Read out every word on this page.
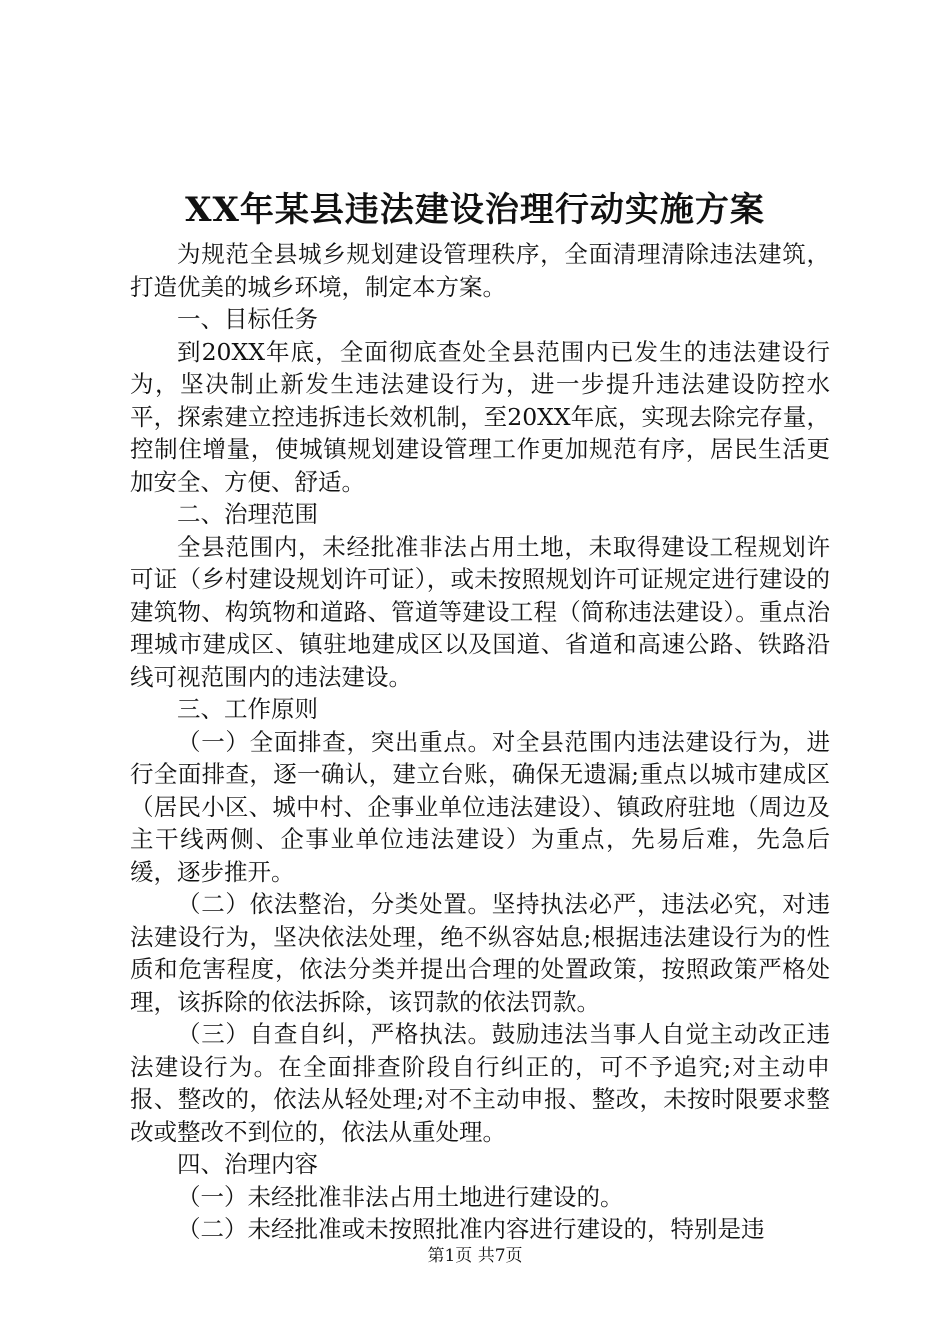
XX年某县违法建设治理行动实施方案

为规范全县城乡规划建设管理秩序，全面清理清除违法建筑，打造优美的城乡环境，制定本方案。

一、目标任务

到20XX年底，全面彻底查处全县范围内已发生的违法建设行为，坚决制止新发生违法建设行为，进一步提升违法建设防控水平，探索建立控违拆违长效机制，至20XX年底，实现去除完存量，控制住增量，使城镇规划建设管理工作更加规范有序，居民生活更加安全、方便、舒适。

二、治理范围

全县范围内，未经批准非法占用土地，未取得建设工程规划许可证（乡村建设规划许可证），或未按照规划许可证规定进行建设的建筑物、构筑物和道路、管道等建设工程（简称违法建设）。重点治理城市建成区、镇驻地建成区以及国道、省道和高速公路、铁路沿线可视范围内的违法建设。

三、工作原则

（一）全面排查，突出重点。对全县范围内违法建设行为，进行全面排查，逐一确认，建立台账，确保无遗漏;重点以城市建成区（居民小区、城中村、企事业单位违法建设）、镇政府驻地（周边及主干线两侧、企事业单位违法建设）为重点，先易后难，先急后缓，逐步推开。

（二）依法整治，分类处置。坚持执法必严，违法必究，对违法建设行为，坚决依法处理，绝不纵容姑息;根据违法建设行为的性质和危害程度，依法分类并提出合理的处置政策，按照政策严格处理，该拆除的依法拆除，该罚款的依法罚款。

（三）自查自纠，严格执法。鼓励违法当事人自觉主动改正违法建设行为。在全面排查阶段自行纠正的，可不予追究;对主动申报、整改的，依法从轻处理;对不主动申报、整改，未按时限要求整改或整改不到位的，依法从重处理。

四、治理内容

（一）未经批准非法占用土地进行建设的。

（二）未经批准或未按照批准内容进行建设的，特别是违

第1页 共7页
